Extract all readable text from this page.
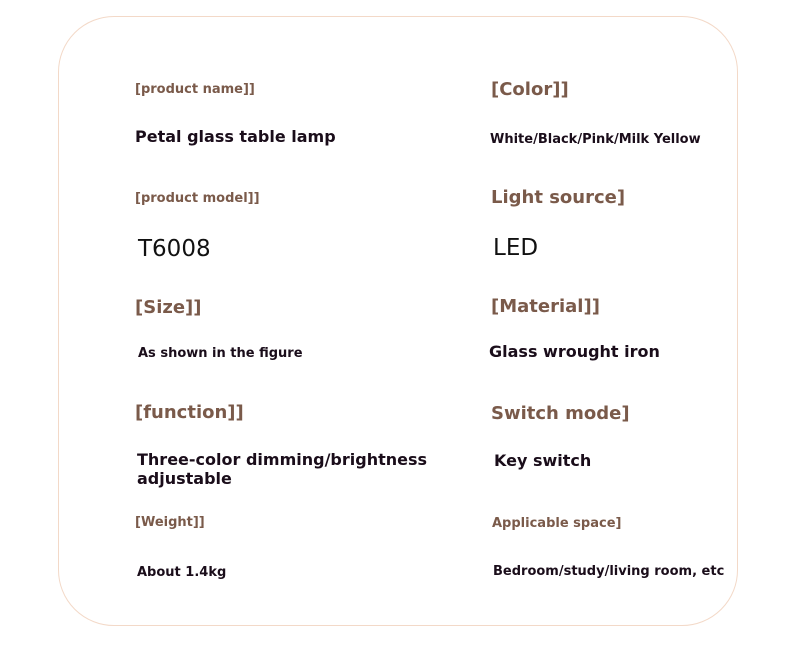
[product name]]
Petal glass table lamp
[product model]]
T6008
[Size]]
As shown in the figure
[function]]
Three-color dimming/brightness adjustable
[Weight]]
About 1.4kg
[Color]]
White/Black/Pink/Milk Yellow
Light source]
LED
[Material]]
Glass wrought iron
Switch mode]
Key switch
Applicable space]
Bedroom/study/living room, etc
